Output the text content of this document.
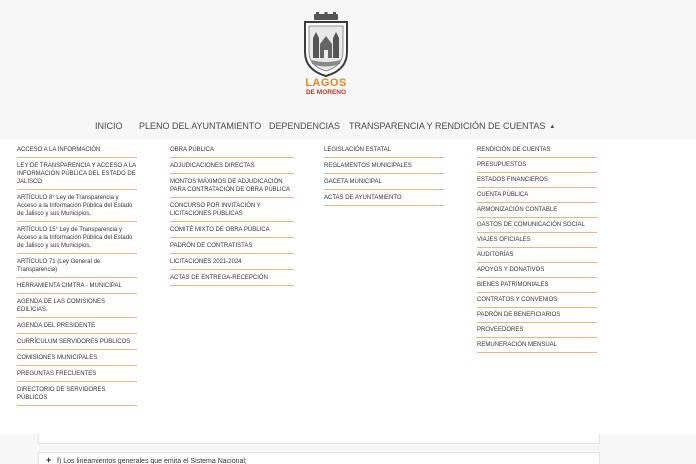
LAGOS
DE MORENO
INICIO PLENO DEL AYUNTAMIENTO DEPENDENCIAS TRANSPARENCIA Y RENDICIÓN DE CUENTAS ▲
ACCESO A LA INFORMACIÓN
LEY DE TRANSPARENCIA Y ACCESO A LA INFORMACIÓN PÚBLICA DEL ESTADO DE JALISCO
ARTÍCULO 8° Ley de Transparencia y Acceso a la Información Pública del Estado de Jalisco y sus Municipios.
ARTÍCULO 15° Ley de Transparencia y Acceso a la Información Pública del Estado de Jalisco y sus Municipios.
ARTÍCULO 71 (Ley General de Transparencia)
HERRAMIENTA CIMTRA - MUNICIPAL
AGENDA DE LAS COMISIONES EDILICIAS.
AGENDA DEL PRESIDENTE
CURRÍCULUM SERVIDORES PÚBLICOS
COMISIONES MUNICIPALES
PREGUNTAS FRECUENTES
DIRECTORIO DE SERVIDORES PÚBLICOS
OBRA PÚBLICA
ADJUDICACIONES DIRECTAS
MONTOS MÁXIMOS DE ADJUDICACIÓN PARA CONTRATACIÓN DE OBRA PÚBLICA
CONCURSO POR INVITACIÓN Y LICITACIONES PÚBLICAS
COMITÉ MIXTO DE OBRA PÚBLICA
PADRÓN DE CONTRATISTAS
LICITACIONES 2021-2024
ACTAS DE ENTREGA-RECEPCIÓN
LEGISLACIÓN ESTATAL
REGLAMENTOS MUNICIPALES
GACETA MUNICIPAL
ACTAS DE AYUNTAMIENTO
RENDICIÓN DE CUENTAS
PRESUPUESTOS
ESTADOS FINANCIEROS
CUENTA PÚBLICA
ARMONIZACIÓN CONTABLE
GASTOS DE COMUNICACIÓN SOCIAL
VIAJES OFICIALES
AUDITORÍAS
APOYOS Y DONATIVOS
BIENES PATRIMONIALES
CONTRATOS Y CONVENIOS
PADRÓN DE BENEFICIARIOS
PROVEEDORES
REMUNERACIÓN MENSUAL
+ f) Los lineamientos generales que emita el Sistema Nacional;
